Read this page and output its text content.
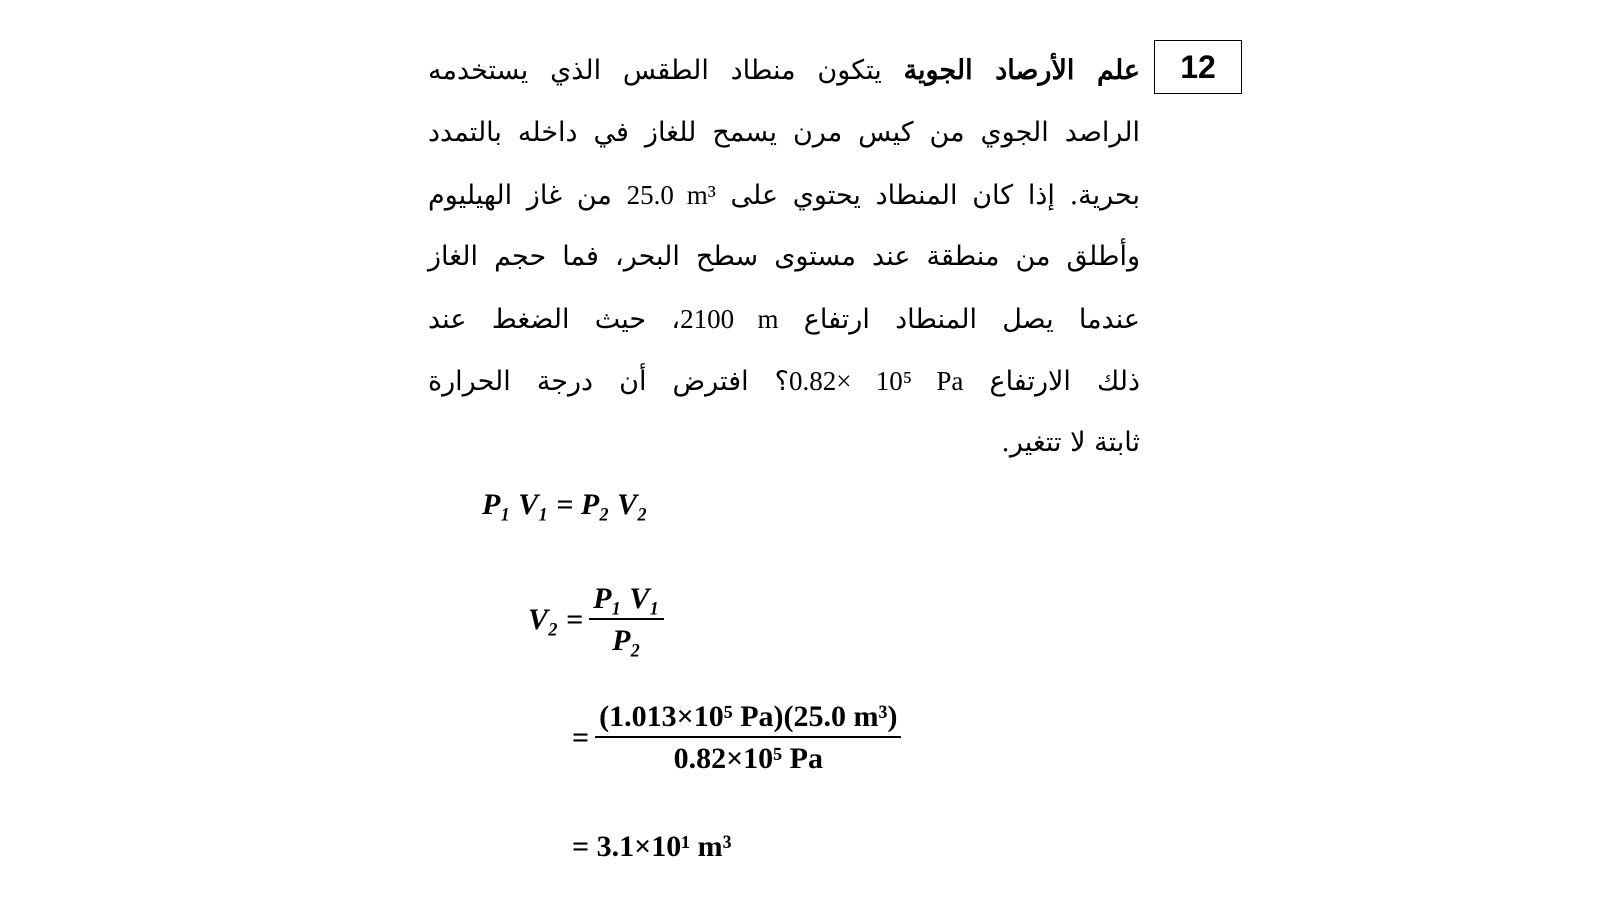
12
علم الأرصاد الجوية يتكون منطاد الطقس الذي يستخدمه
الراصد الجوي من كيس مرن يسمح للغاز في داخله بالتمدد
بحرية. إذا كان المنطاد يحتوي على 25.0 m³ من غاز الهيليوم
وأطلق من منطقة عند مستوى سطح البحر، فما حجم الغاز
عندما يصل المنطاد ارتفاع 2100 m، حيث الضغط عند
ذلك الارتفاع 0.82× 10⁵ Pa؟ افترض أن درجة الحرارة
ثابتة لا تتغير.
P₁ V₁ = P₂ V₂
$V_2 = \frac{\text{P₁ V₁}}{\text{P₂}}$
= $\frac{\text{(1.013×10⁵ Pa)(25.0 m³)}}{\text{0.82×10⁵ Pa}}$
= 3.1×10¹ m³
